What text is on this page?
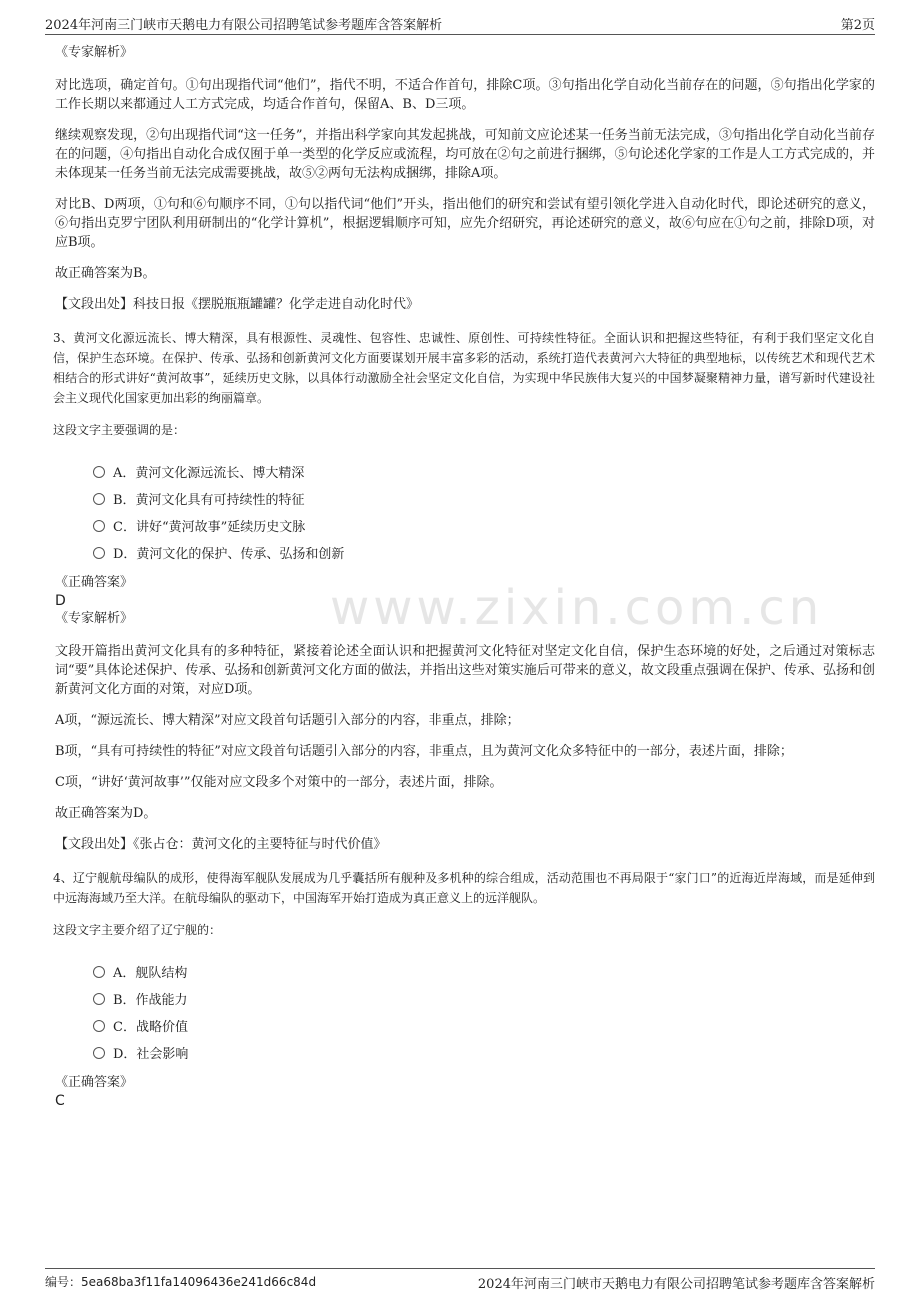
2024年河南三门峡市天鹅电力有限公司招聘笔试参考题库含答案解析	第2页
www.zixin.com.cn
《专家解析》

对比选项，确定首句。①句出现指代词“他们”，指代不明，不适合作首句，排除C项。③句指出化学自动化当前存在的问题，⑤句指出化学家的工作长期以来都通过人工方式完成，均适合作首句，保留A、B、D三项。

继续观察发现，②句出现指代词“这一任务”，并指出科学家向其发起挑战，可知前文应论述某一任务当前无法完成，③句指出化学自动化当前存在的问题，④句指出自动化合成仅囿于单一类型的化学反应或流程，均可放在②句之前进行捆绑，⑤句论述化学家的工作是人工方式完成的，并未体现某一任务当前无法完成需要挑战，故⑤②两句无法构成捆绑，排除A项。

对比B、D两项，①句和⑥句顺序不同，①句以指代词“他们”开头，指出他们的研究和尝试有望引领化学进入自动化时代，即论述研究的意义，⑥句指出克罗宁团队利用研制出的“化学计算机”，根据逻辑顺序可知，应先介绍研究，再论述研究的意义，故⑥句应在①句之前，排除D项，对应B项。

故正确答案为B。

【文段出处】科技日报《摆脱瓶瓶罐罐？化学走进自动化时代》

3、黄河文化源远流长、博大精深，具有根源性、灵魂性、包容性、忠诚性、原创性、可持续性特征。全面认识和把握这些特征，有利于我们坚定文化自信，保护生态环境。在保护、传承、弘扬和创新黄河文化方面要谋划开展丰富多彩的活动，系统打造代表黄河六大特征的典型地标，以传统艺术和现代艺术相结合的形式讲好“黄河故事”，延续历史文脉，以具体行动激励全社会坚定文化自信，为实现中华民族伟大复兴的中国梦凝聚精神力量，谱写新时代建设社会主义现代化国家更加出彩的绚丽篇章。

这段文字主要强调的是：
A．黄河文化源远流长、博大精深
B．黄河文化具有可持续性的特征
C．讲好“黄河故事”延续历史文脉
D．黄河文化的保护、传承、弘扬和创新
《正确答案》
D
《专家解析》

文段开篇指出黄河文化具有的多种特征，紧接着论述全面认识和把握黄河文化特征对坚定文化自信，保护生态环境的好处，之后通过对策标志词“要”具体论述保护、传承、弘扬和创新黄河文化方面的做法，并指出这些对策实施后可带来的意义，故文段重点强调在保护、传承、弘扬和创新黄河文化方面的对策，对应D项。

A项，“源远流长、博大精深”对应文段首句话题引入部分的内容，非重点，排除；

B项，“具有可持续性的特征”对应文段首句话题引入部分的内容，非重点，且为黄河文化众多特征中的一部分，表述片面，排除；

C项，“讲好‘黄河故事’”仅能对应文段多个对策中的一部分，表述片面，排除。

故正确答案为D。

【文段出处】《张占仓：黄河文化的主要特征与时代价值》

4、辽宁舰航母编队的成形，使得海军舰队发展成为几乎囊括所有舰种及多机种的综合组成，活动范围也不再局限于“家门口”的近海近岸海域，而是延伸到中远海海域乃至大洋。在航母编队的驱动下，中国海军开始打造成为真正意义上的远洋舰队。

这段文字主要介绍了辽宁舰的：
A．舰队结构
B．作战能力
C．战略价值
D．社会影响
《正确答案》
C
编号：5ea68ba3f11fa14096436e241d66c84d	2024年河南三门峡市天鹅电力有限公司招聘笔试参考题库含答案解析
